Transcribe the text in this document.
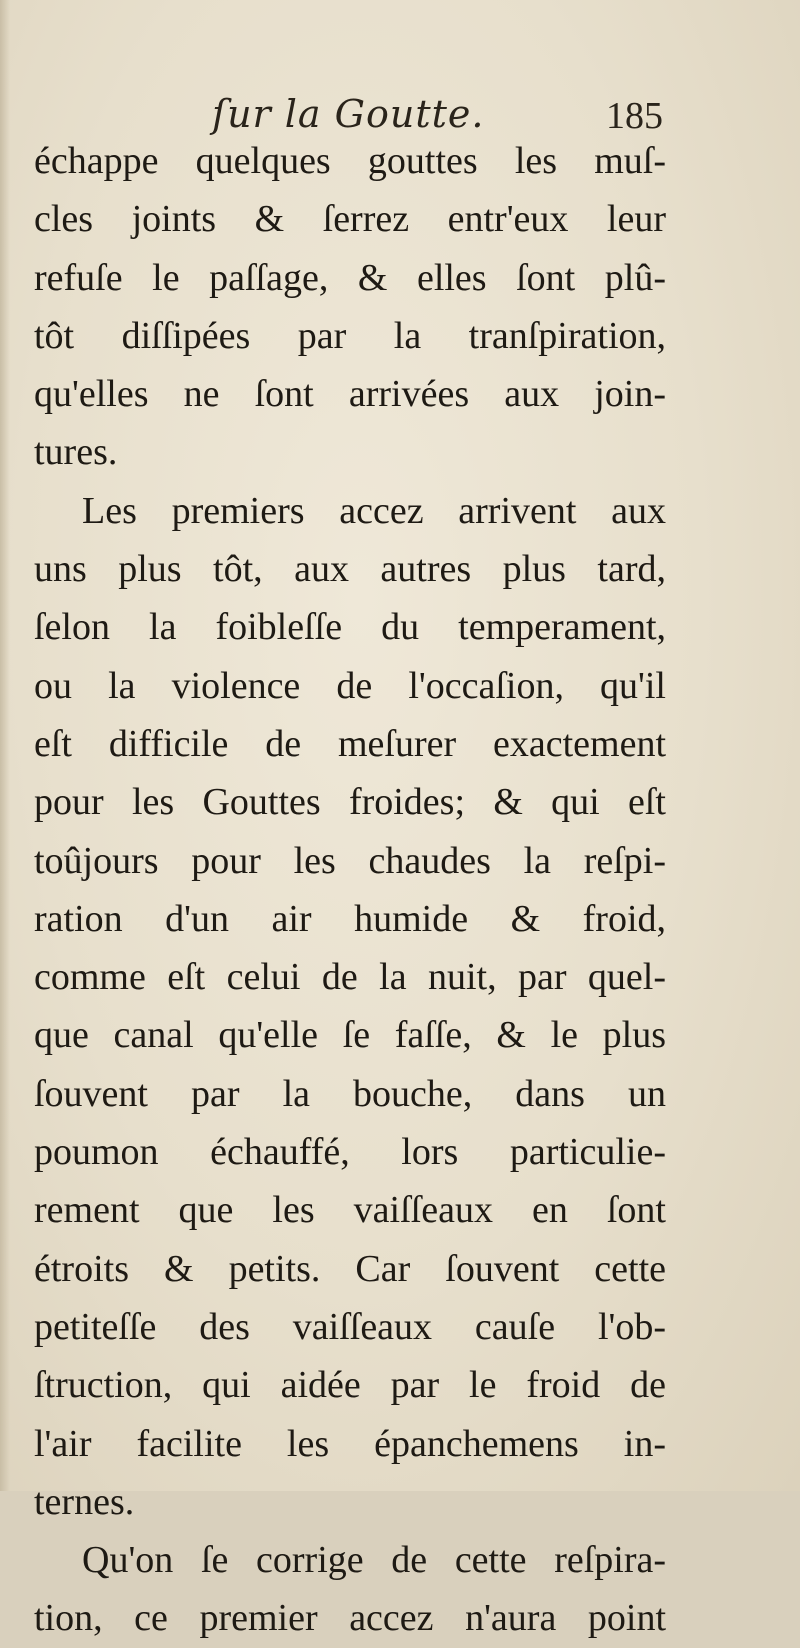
ſur la Goutte.	185
échappe quelques gouttes les muſ-
cles joints & ſerrez entr'eux leur
refuſe le paſſage, & elles ſont plû-
tôt diſſipées par la tranſpiration,
qu'elles ne ſont arrivées aux join-
tures.
Les premiers accez arrivent aux
uns plus tôt, aux autres plus tard,
ſelon la foibleſſe du temperament,
ou la violence de l'occaſion, qu'il
eſt difficile de meſurer exactement
pour les Gouttes froides; & qui eſt
toûjours pour les chaudes la reſpi-
ration d'un air humide & froid,
comme eſt celui de la nuit, par quel-
que canal qu'elle ſe faſſe, & le plus
ſouvent par la bouche, dans un
poumon échauffé, lors particulie-
rement que les vaiſſeaux en ſont
étroits & petits. Car ſouvent cette
petiteſſe des vaiſſeaux cauſe l'ob-
ſtruction, qui aidée par le froid de
l'air facilite les épanchemens in-
ternes.
Qu'on ſe corrige de cette reſpira-
tion, ce premier accez n'aura point
